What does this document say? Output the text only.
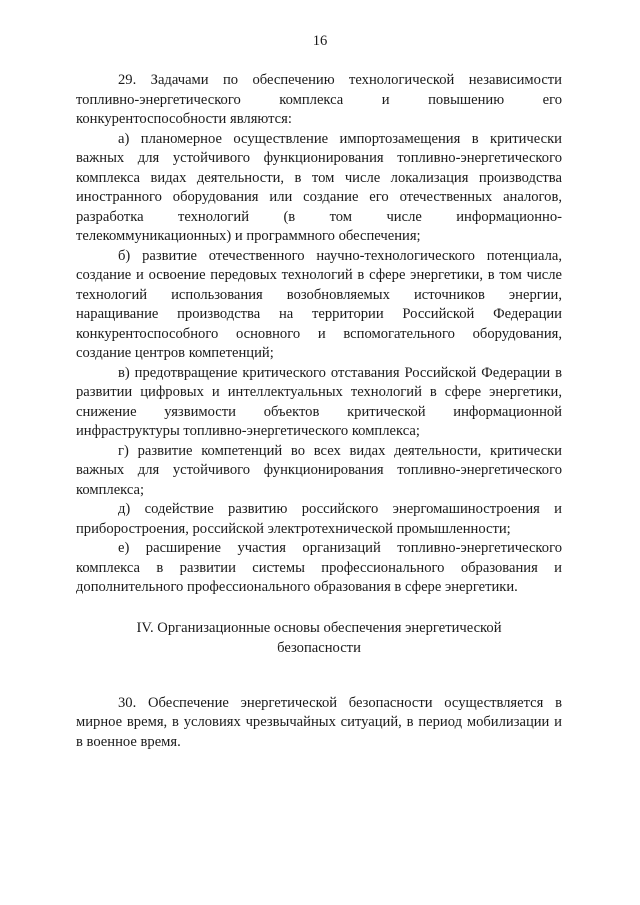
16

29. Задачами по обеспечению технологической независимости топливно-энергетического комплекса и повышению его конкурентоспособности являются:

а) планомерное осуществление импортозамещения в критически важных для устойчивого функционирования топливно-энергетического комплекса видах деятельности, в том числе локализация производства иностранного оборудования или создание его отечественных аналогов, разработка технологий (в том числе информационно-телекоммуникационных) и программного обеспечения;

б) развитие отечественного научно-технологического потенциала, создание и освоение передовых технологий в сфере энергетики, в том числе технологий использования возобновляемых источников энергии, наращивание производства на территории Российской Федерации конкурентоспособного основного и вспомогательного оборудования, создание центров компетенций;

в) предотвращение критического отставания Российской Федерации в развитии цифровых и интеллектуальных технологий в сфере энергетики, снижение уязвимости объектов критической информационной инфраструктуры топливно-энергетического комплекса;

г) развитие компетенций во всех видах деятельности, критически важных для устойчивого функционирования топливно-энергетического комплекса;

д) содействие развитию российского энергомашиностроения и приборостроения, российской электротехнической промышленности;

е) расширение участия организаций топливно-энергетического комплекса в развитии системы профессионального образования и дополнительного профессионального образования в сфере энергетики.

IV. Организационные основы обеспечения энергетической
безопасности

30. Обеспечение энергетической безопасности осуществляется в мирное время, в условиях чрезвычайных ситуаций, в период мобилизации и в военное время.
